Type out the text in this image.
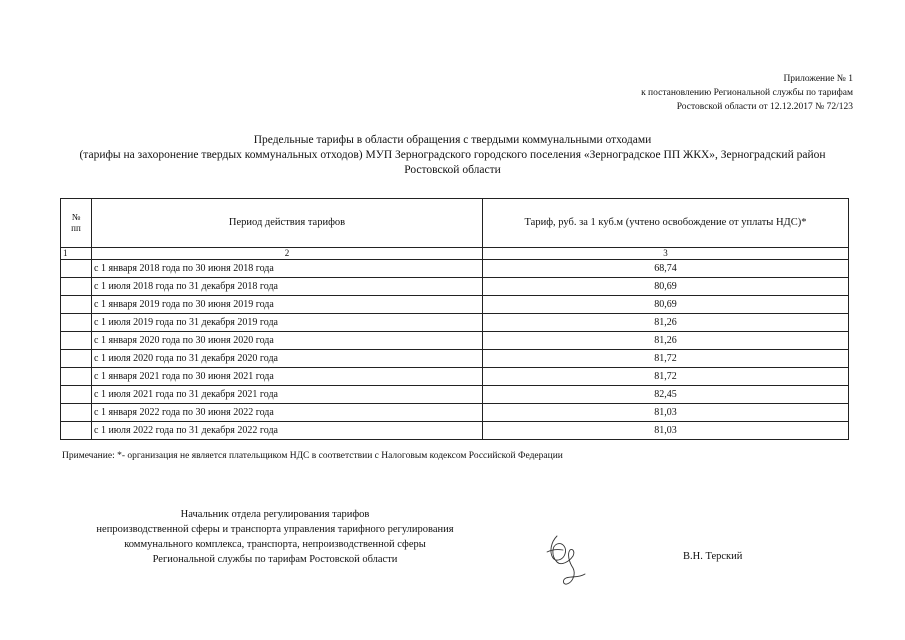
Приложение № 1
к постановлению Региональной службы по тарифам
Ростовской области от 12.12.2017 № 72/123
Предельные тарифы в области обращения с твердыми коммунальными отходами
(тарифы на захоронение твердых коммунальных отходов) МУП Зерноградского городского поселения «Зерноградское ПП ЖКХ», Зерноградский район
Ростовской области
№
пп	Период действия тарифов	Тариф, руб. за 1 куб.м (учтено освобождение от уплаты НДС)*
1	2	3
	с 1 января 2018 года по 30 июня 2018 года	68,74
	с 1 июля 2018 года по 31 декабря 2018 года	80,69
	с 1 января 2019 года по 30 июня 2019 года	80,69
	с 1 июля 2019 года по 31 декабря 2019 года	81,26
	с 1 января 2020 года по 30 июня 2020 года	81,26
	с 1 июля 2020 года по 31 декабря 2020 года	81,72
	с 1 января 2021 года по 30 июня 2021 года	81,72
	с 1 июля 2021 года по 31 декабря 2021 года	82,45
	с 1 января 2022 года по 30 июня 2022 года	81,03
	с 1 июля 2022 года по 31 декабря 2022 года	81,03
Примечание: *- организация не является плательщиком НДС в соответствии с Налоговым кодексом Российской Федерации
Начальник отдела регулирования тарифов
непроизводственной сферы и транспорта управления тарифного регулирования
коммунального комплекса, транспорта, непроизводственной сферы
Региональной службы по тарифам Ростовской области	В.Н. Терский
